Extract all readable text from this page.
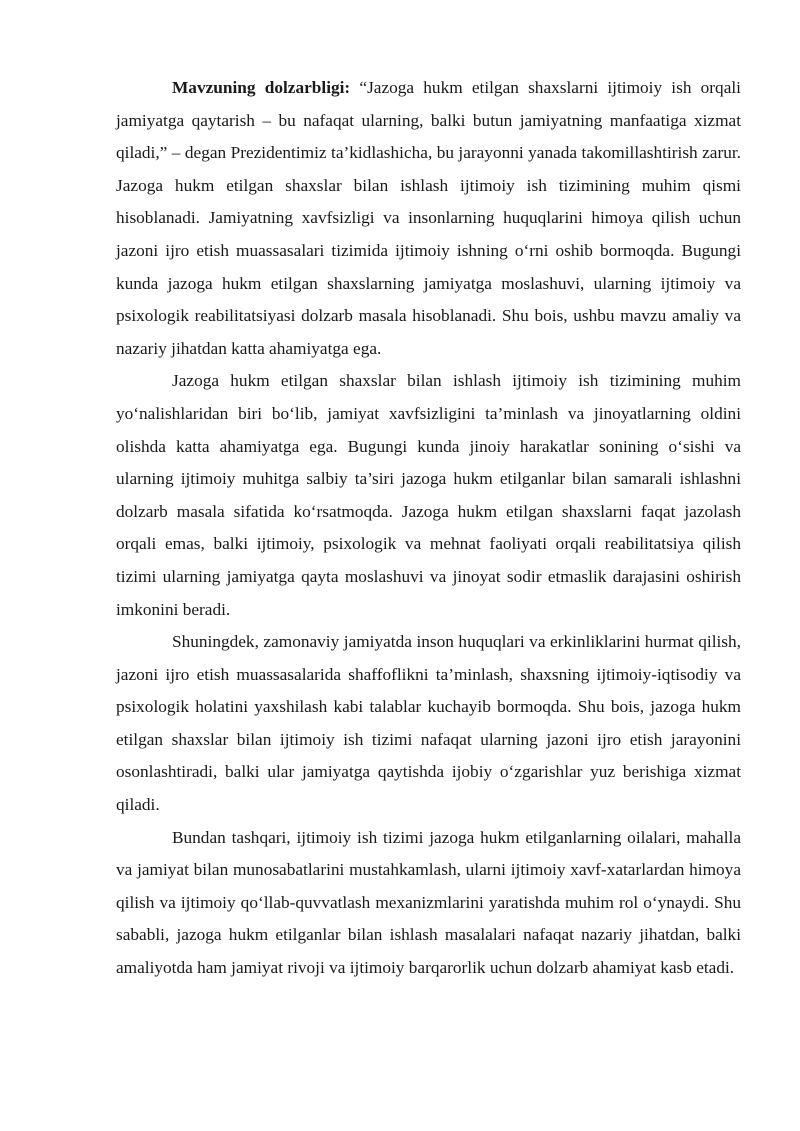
Mavzuning dolzarbligi: “Jazoga hukm etilgan shaxslarni ijtimoiy ish orqali jamiyatga qaytarish – bu nafaqat ularning, balki butun jamiyatning manfaatiga xizmat qiladi,” – degan Prezidentimiz ta’kidlashicha, bu jarayonni yanada takomillashtirish zarur. Jazoga hukm etilgan shaxslar bilan ishlash ijtimoiy ish tizimining muhim qismi hisoblanadi. Jamiyatning xavfsizligi va insonlarning huquqlarini himoya qilish uchun jazoni ijro etish muassasalari tizimida ijtimoiy ishning o‘rni oshib bormoqda. Bugungi kunda jazoga hukm etilgan shaxslarning jamiyatga moslashuvi, ularning ijtimoiy va psixologik reabilitatsiyasi dolzarb masala hisoblanadi. Shu bois, ushbu mavzu amaliy va nazariy jihatdan katta ahamiyatga ega.

Jazoga hukm etilgan shaxslar bilan ishlash ijtimoiy ish tizimining muhim yo‘nalishlaridan biri bo‘lib, jamiyat xavfsizligini ta’minlash va jinoyatlarning oldini olishda katta ahamiyatga ega. Bugungi kunda jinoiy harakatlar sonining o‘sishi va ularning ijtimoiy muhitga salbiy ta’siri jazoga hukm etilganlar bilan samarali ishlashni dolzarb masala sifatida ko‘rsatmoqda. Jazoga hukm etilgan shaxslarni faqat jazolash orqali emas, balki ijtimoiy, psixologik va mehnat faoliyati orqali reabilitatsiya qilish tizimi ularning jamiyatga qayta moslashuvi va jinoyat sodir etmaslik darajasini oshirish imkonini beradi.

Shuningdek, zamonaviy jamiyatda inson huquqlari va erkinliklarini hurmat qilish, jazoni ijro etish muassasalarida shaffoflikni ta’minlash, shaxsning ijtimoiy-iqtisodiy va psixologik holatini yaxshilash kabi talablar kuchayib bormoqda. Shu bois, jazoga hukm etilgan shaxslar bilan ijtimoiy ish tizimi nafaqat ularning jazoni ijro etish jarayonini osonlashtiradi, balki ular jamiyatga qaytishda ijobiy o‘zgarishlar yuz berishiga xizmat qiladi.

Bundan tashqari, ijtimoiy ish tizimi jazoga hukm etilganlarning oilalari, mahalla va jamiyat bilan munosabatlarini mustahkamlash, ularni ijtimoiy xavf-xatarlardan himoya qilish va ijtimoiy qo‘llab-quvvatlash mexanizmlarini yaratishda muhim rol o‘ynaydi. Shu sababli, jazoga hukm etilganlar bilan ishlash masalalari nafaqat nazariy jihatdan, balki amaliyotda ham jamiyat rivoji va ijtimoiy barqarorlik uchun dolzarb ahamiyat kasb etadi.
